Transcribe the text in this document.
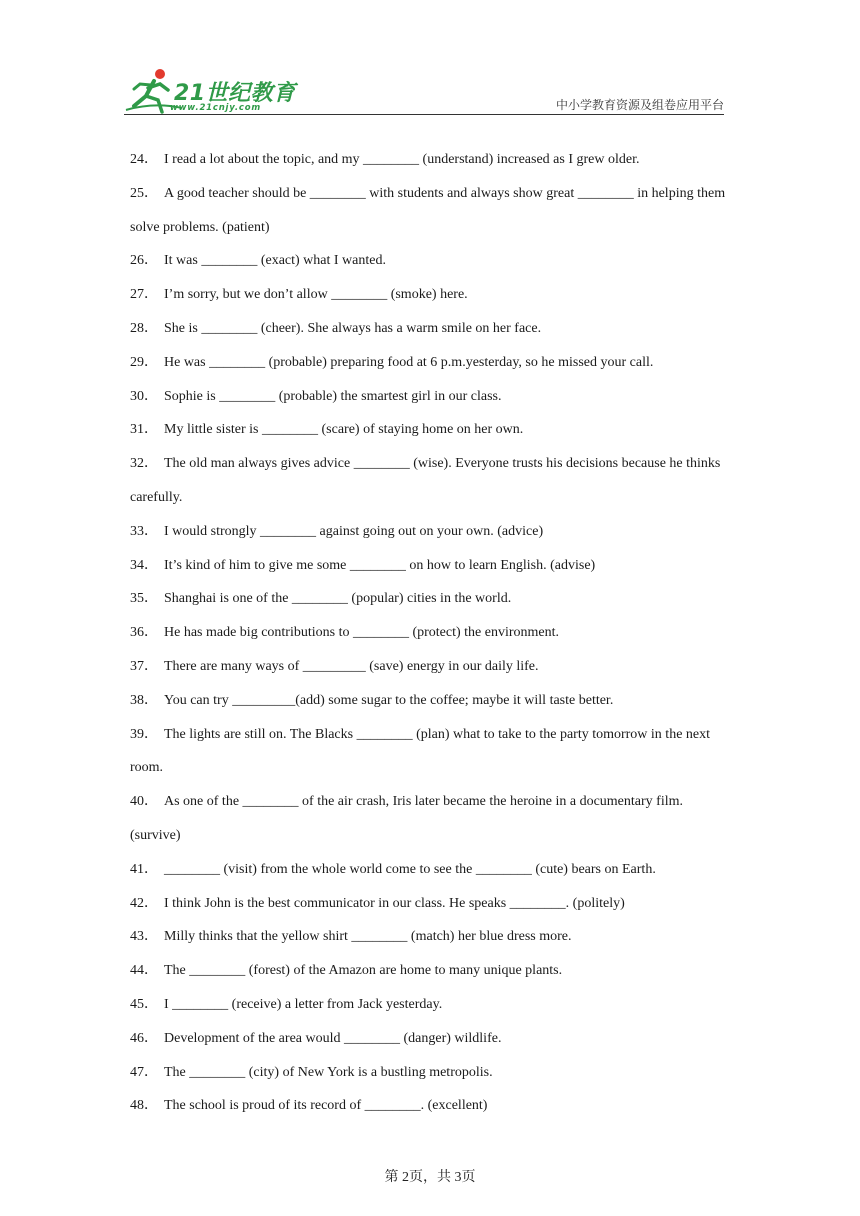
21世纪教育
www.21cnjy.com	中小学教育资源及组卷应用平台

24． I read a lot about the topic, and my ________ (understand) increased as I grew older.

25． A good teacher should be ________ with students and always show great ________ in helping them solve problems. (patient)

26． It was ________ (exact) what I wanted.

27． I’m sorry, but we don’t allow ________ (smoke) here.

28． She is ________ (cheer). She always has a warm smile on her face.

29． He was ________ (probable) preparing food at 6 p.m.yesterday, so he missed your call.

30． Sophie is ________ (probable) the smartest girl in our class.

31． My little sister is ________ (scare) of staying home on her own.

32． The old man always gives advice ________ (wise). Everyone trusts his decisions because he thinks carefully.

33． I would strongly ________ against going out on your own. (advice)

34． It’s kind of him to give me some ________ on how to learn English. (advise)

35． Shanghai is one of the ________ (popular) cities in the world.

36． He has made big contributions to ________ (protect) the environment.

37． There are many ways of _________ (save) energy in our daily life.

38． You can try _________(add) some sugar to the coffee; maybe it will taste better.

39． The lights are still on. The Blacks ________ (plan) what to take to the party tomorrow in the next room.

40． As one of the ________ of the air crash, Iris later became the heroine in a documentary film. (survive)

41． ________ (visit) from the whole world come to see the ________ (cute) bears on Earth.

42． I think John is the best communicator in our class. He speaks ________. (politely)

43． Milly thinks that the yellow shirt ________ (match) her blue dress more.

44． The ________ (forest) of the Amazon are home to many unique plants.

45． I ________ (receive) a letter from Jack yesterday.

46． Development of the area would ________ (danger) wildlife.

47． The ________ (city) of New York is a bustling metropolis.

48． The school is proud of its record of ________. (excellent)

第 2页，共 3页
